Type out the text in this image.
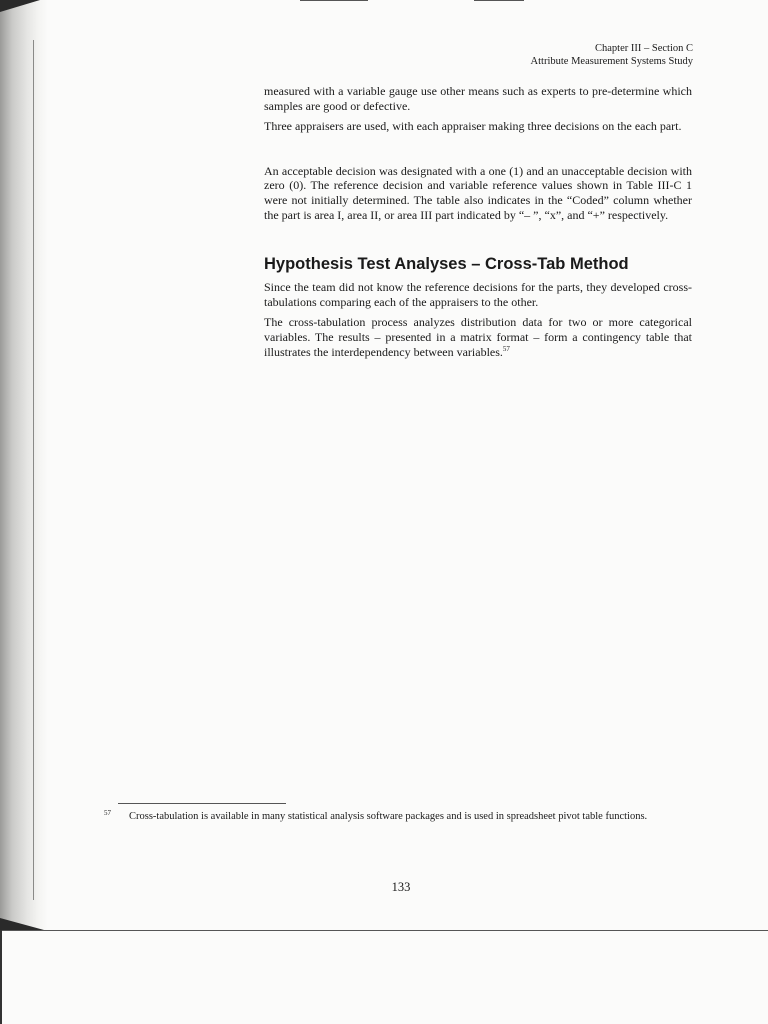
Chapter III – Section C
Attribute Measurement Systems Study

measured with a variable gauge use other means such as experts to pre-determine which samples are good or defective.

Three appraisers are used, with each appraiser making three decisions on the each part.

An acceptable decision was designated with a one (1) and an unacceptable decision with zero (0). The reference decision and variable reference values shown in Table III-C 1 were not initially determined. The table also indicates in the “Coded” column whether the part is area I, area II, or area III part indicated by “– ”, “x”, and “+” respectively.

Hypothesis Test Analyses – Cross-Tab Method

Since the team did not know the reference decisions for the parts, they developed cross-tabulations comparing each of the appraisers to the other.

The cross-tabulation process analyzes distribution data for two or more categorical variables. The results – presented in a matrix format – form a contingency table that illustrates the interdependency between variables.$^{57}$

57 Cross-tabulation is available in many statistical analysis software packages and is used in spreadsheet pivot table functions.
133
